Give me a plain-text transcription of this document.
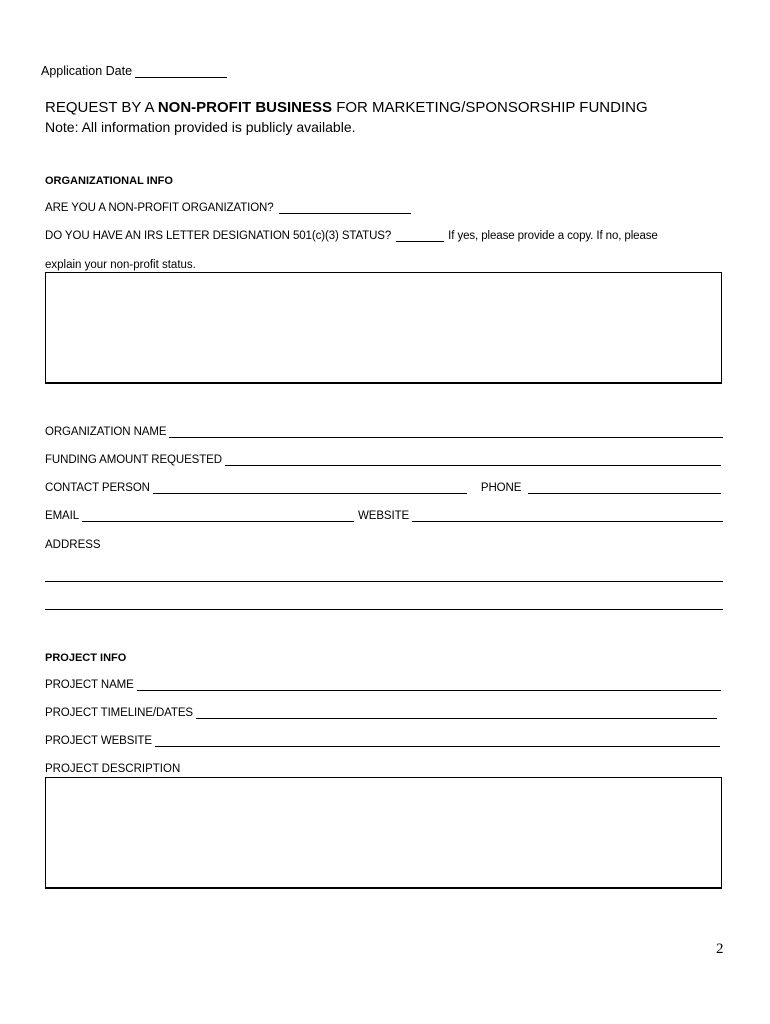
Application Date
REQUEST BY A NON-PROFIT BUSINESS FOR MARKETING/SPONSORSHIP FUNDING
Note: All information provided is publicly available.
ORGANIZATIONAL INFO
ARE YOU A NON-PROFIT ORGANIZATION?
DO YOU HAVE AN IRS LETTER DESIGNATION 501(c)(3) STATUS?	If yes, please provide a copy. If no, please
explain your non-profit status.
ORGANIZATION NAME
FUNDING AMOUNT REQUESTED
CONTACT PERSON	PHONE
EMAIL	WEBSITE
ADDRESS
PROJECT INFO
PROJECT NAME
PROJECT TIMELINE/DATES
PROJECT WEBSITE
PROJECT DESCRIPTION
2
